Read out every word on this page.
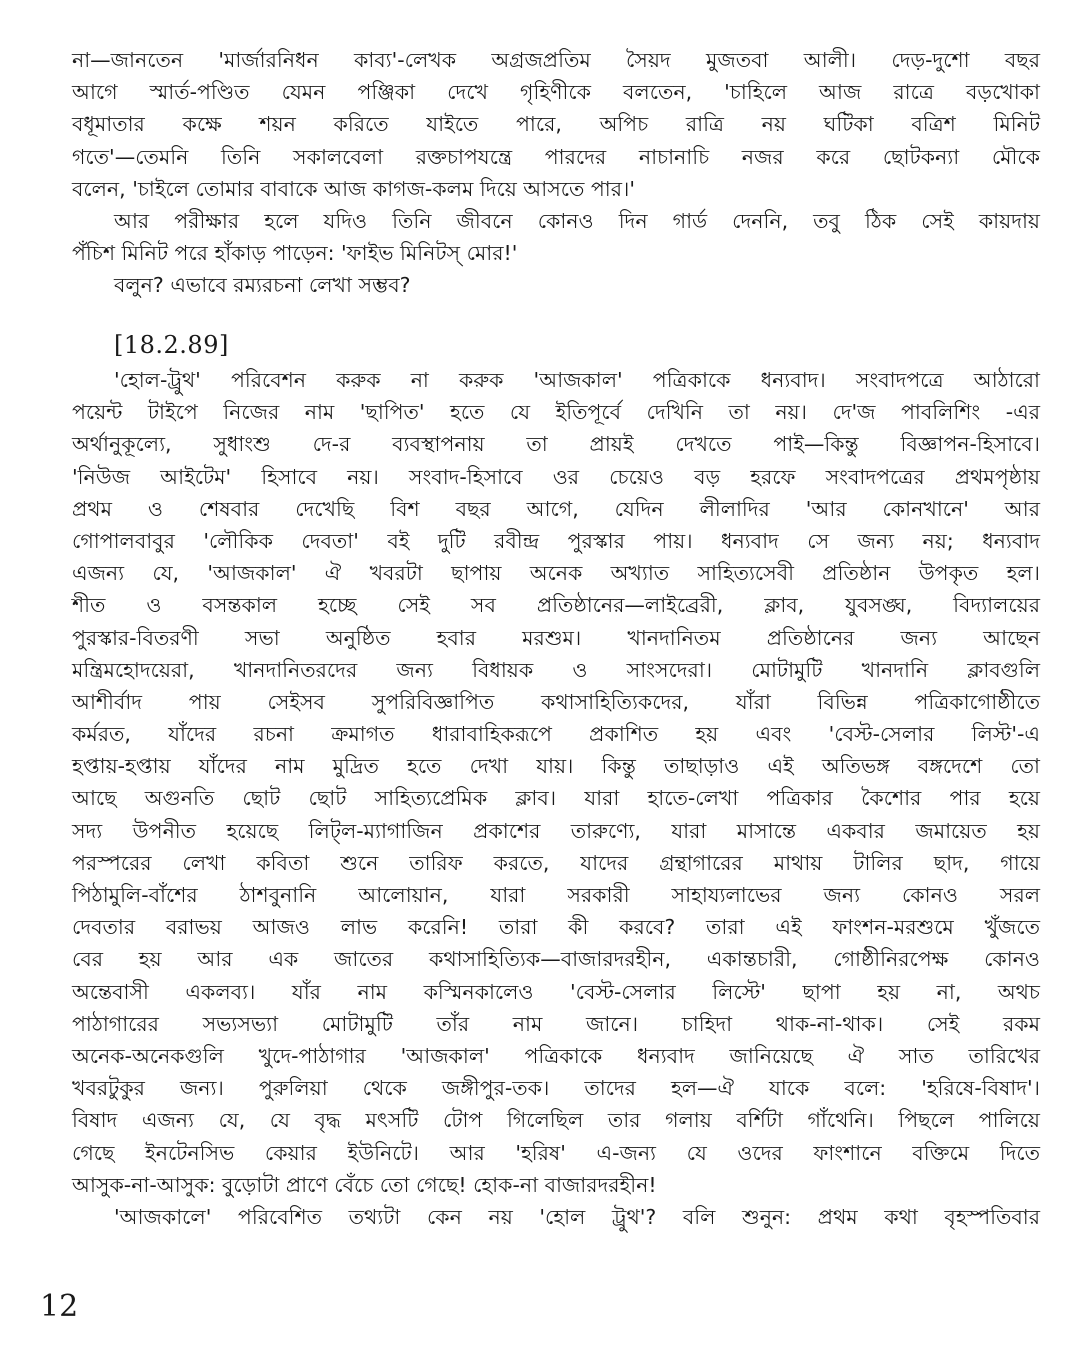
না—জানতেন 'মার্জারনিধন কাব্য'-লেখক অগ্রজপ্রতিম সৈয়দ মুজতবা আলী। দেড়-দুশো বছর
আগে স্মার্ত-পণ্ডিত যেমন পঞ্জিকা দেখে গৃহিণীকে বলতেন, 'চাহিলে আজ রাত্রে বড়খোকা
বধূমাতার কক্ষে শয়ন করিতে যাইতে পারে, অপিচ রাত্রি নয় ঘটিকা বত্রিশ মিনিট
গতে'—তেমনি তিনি সকালবেলা রক্তচাপযন্ত্রে পারদের নাচানাচি নজর করে ছোটকন্যা মৌকে
বলেন, 'চাইলে তোমার বাবাকে আজ কাগজ-কলম দিয়ে আসতে পার।'
আর পরীক্ষার হলে যদিও তিনি জীবনে কোনও দিন গার্ড দেননি, তবু ঠিক সেই কায়দায়
পঁচিশ মিনিট পরে হাঁকাড় পাড়েন: 'ফাইভ মিনিটস্ মোর!'
বলুন? এভাবে রম্যরচনা লেখা সম্ভব?
[18.2.89]
'হোল-ট্রুথ' পরিবেশন করুক না করুক 'আজকাল' পত্রিকাকে ধন্যবাদ। সংবাদপত্রে আঠারো
পয়েন্ট টাইপে নিজের নাম 'ছাপিত' হতে যে ইতিপূর্বে দেখিনি তা নয়। দে'জ পাবলিশিং -এর
অর্থানুকূল্যে, সুধাংশু দে-র ব্যবস্থাপনায় তা প্রায়ই দেখতে পাই—কিন্তু বিজ্ঞাপন-হিসাবে।
'নিউজ আইটেম' হিসাবে নয়। সংবাদ-হিসাবে ওর চেয়েও বড় হরফে সংবাদপত্রের প্রথমপৃষ্ঠায়
প্রথম ও শেষবার দেখেছি বিশ বছর আগে, যেদিন লীলাদির 'আর কোনখানে' আর
গোপালবাবুর 'লৌকিক দেবতা' বই দুটি রবীন্দ্র পুরস্কার পায়। ধন্যবাদ সে জন্য নয়; ধন্যবাদ
এজন্য যে, 'আজকাল' ঐ খবরটা ছাপায় অনেক অখ্যাত সাহিত্যসেবী প্রতিষ্ঠান উপকৃত হল।
শীত ও বসন্তকাল হচ্ছে সেই সব প্রতিষ্ঠানের—লাইব্রেরী, ক্লাব, যুবসঙ্ঘ, বিদ্যালয়ের
পুরস্কার-বিতরণী সভা অনুষ্ঠিত হবার মরশুম। খানদানিতম প্রতিষ্ঠানের জন্য আছেন
মন্ত্রিমহোদয়েরা, খানদানিতরদের জন্য বিধায়ক ও সাংসদেরা। মোটামুটি খানদানি ক্লাবগুলি
আশীর্বাদ পায় সেইসব সুপরিবিজ্ঞাপিত কথাসাহিত্যিকদের, যাঁরা বিভিন্ন পত্রিকাগোষ্ঠীতে
কর্মরত, যাঁদের রচনা ক্রমাগত ধারাবাহিকরূপে প্রকাশিত হয় এবং 'বেস্ট-সেলার লিস্ট'-এ
হপ্তায়-হপ্তায় যাঁদের নাম মুদ্রিত হতে দেখা যায়। কিন্তু তাছাড়াও এই অতিভঙ্গ বঙ্গদেশে তো
আছে অগুনতি ছোট ছোট সাহিত্যপ্রেমিক ক্লাব। যারা হাতে-লেখা পত্রিকার কৈশোর পার হয়ে
সদ্য উপনীত হয়েছে লিট্ল-ম্যাগাজিন প্রকাশের তারুণ্যে, যারা মাসান্তে একবার জমায়েত হয়
পরস্পরের লেখা কবিতা শুনে তারিফ করতে, যাদের গ্রন্থাগারের মাথায় টালির ছাদ, গায়ে
পিঠামুলি-বাঁশের ঠাশবুনানি আলোয়ান, যারা সরকারী সাহায্যলাভের জন্য কোনও সরল
দেবতার বরাভয় আজও লাভ করেনি! তারা কী করবে? তারা এই ফাংশন-মরশুমে খুঁজতে
বের হয় আর এক জাতের কথাসাহিত্যিক—বাজারদরহীন, একান্তচারী, গোষ্ঠীনিরপেক্ষ কোনও
অন্তেবাসী একলব্য। যাঁর নাম কস্মিনকালেও 'বেস্ট-সেলার লিস্টে' ছাপা হয় না, অথচ
পাঠাগারের সভ্যসভ্যা মোটামুটি তাঁর নাম জানে। চাহিদা থাক-না-থাক। সেই রকম
অনেক-অনেকগুলি খুদে-পাঠাগার 'আজকাল' পত্রিকাকে ধন্যবাদ জানিয়েছে ঐ সাত তারিখের
খবরটুকুর জন্য। পুরুলিয়া থেকে জঙ্গীপুর-তক। তাদের হল—ঐ যাকে বলে: 'হরিষে-বিষাদ'।
বিষাদ এজন্য যে, যে বৃদ্ধ মৎসটি টোপ গিলেছিল তার গলায় বর্শিটা গাঁথেনি। পিছলে পালিয়ে
গেছে ইনটেনসিভ কেয়ার ইউনিটে। আর 'হরিষ' এ-জন্য যে ওদের ফাংশানে বক্তিমে দিতে
আসুক-না-আসুক: বুড়োটা প্রাণে বেঁচে তো গেছে! হোক-না বাজারদরহীন!
'আজকালে' পরিবেশিত তথ্যটা কেন নয় 'হোল ট্রুথ'? বলি শুনুন: প্রথম কথা বৃহস্পতিবার
12
